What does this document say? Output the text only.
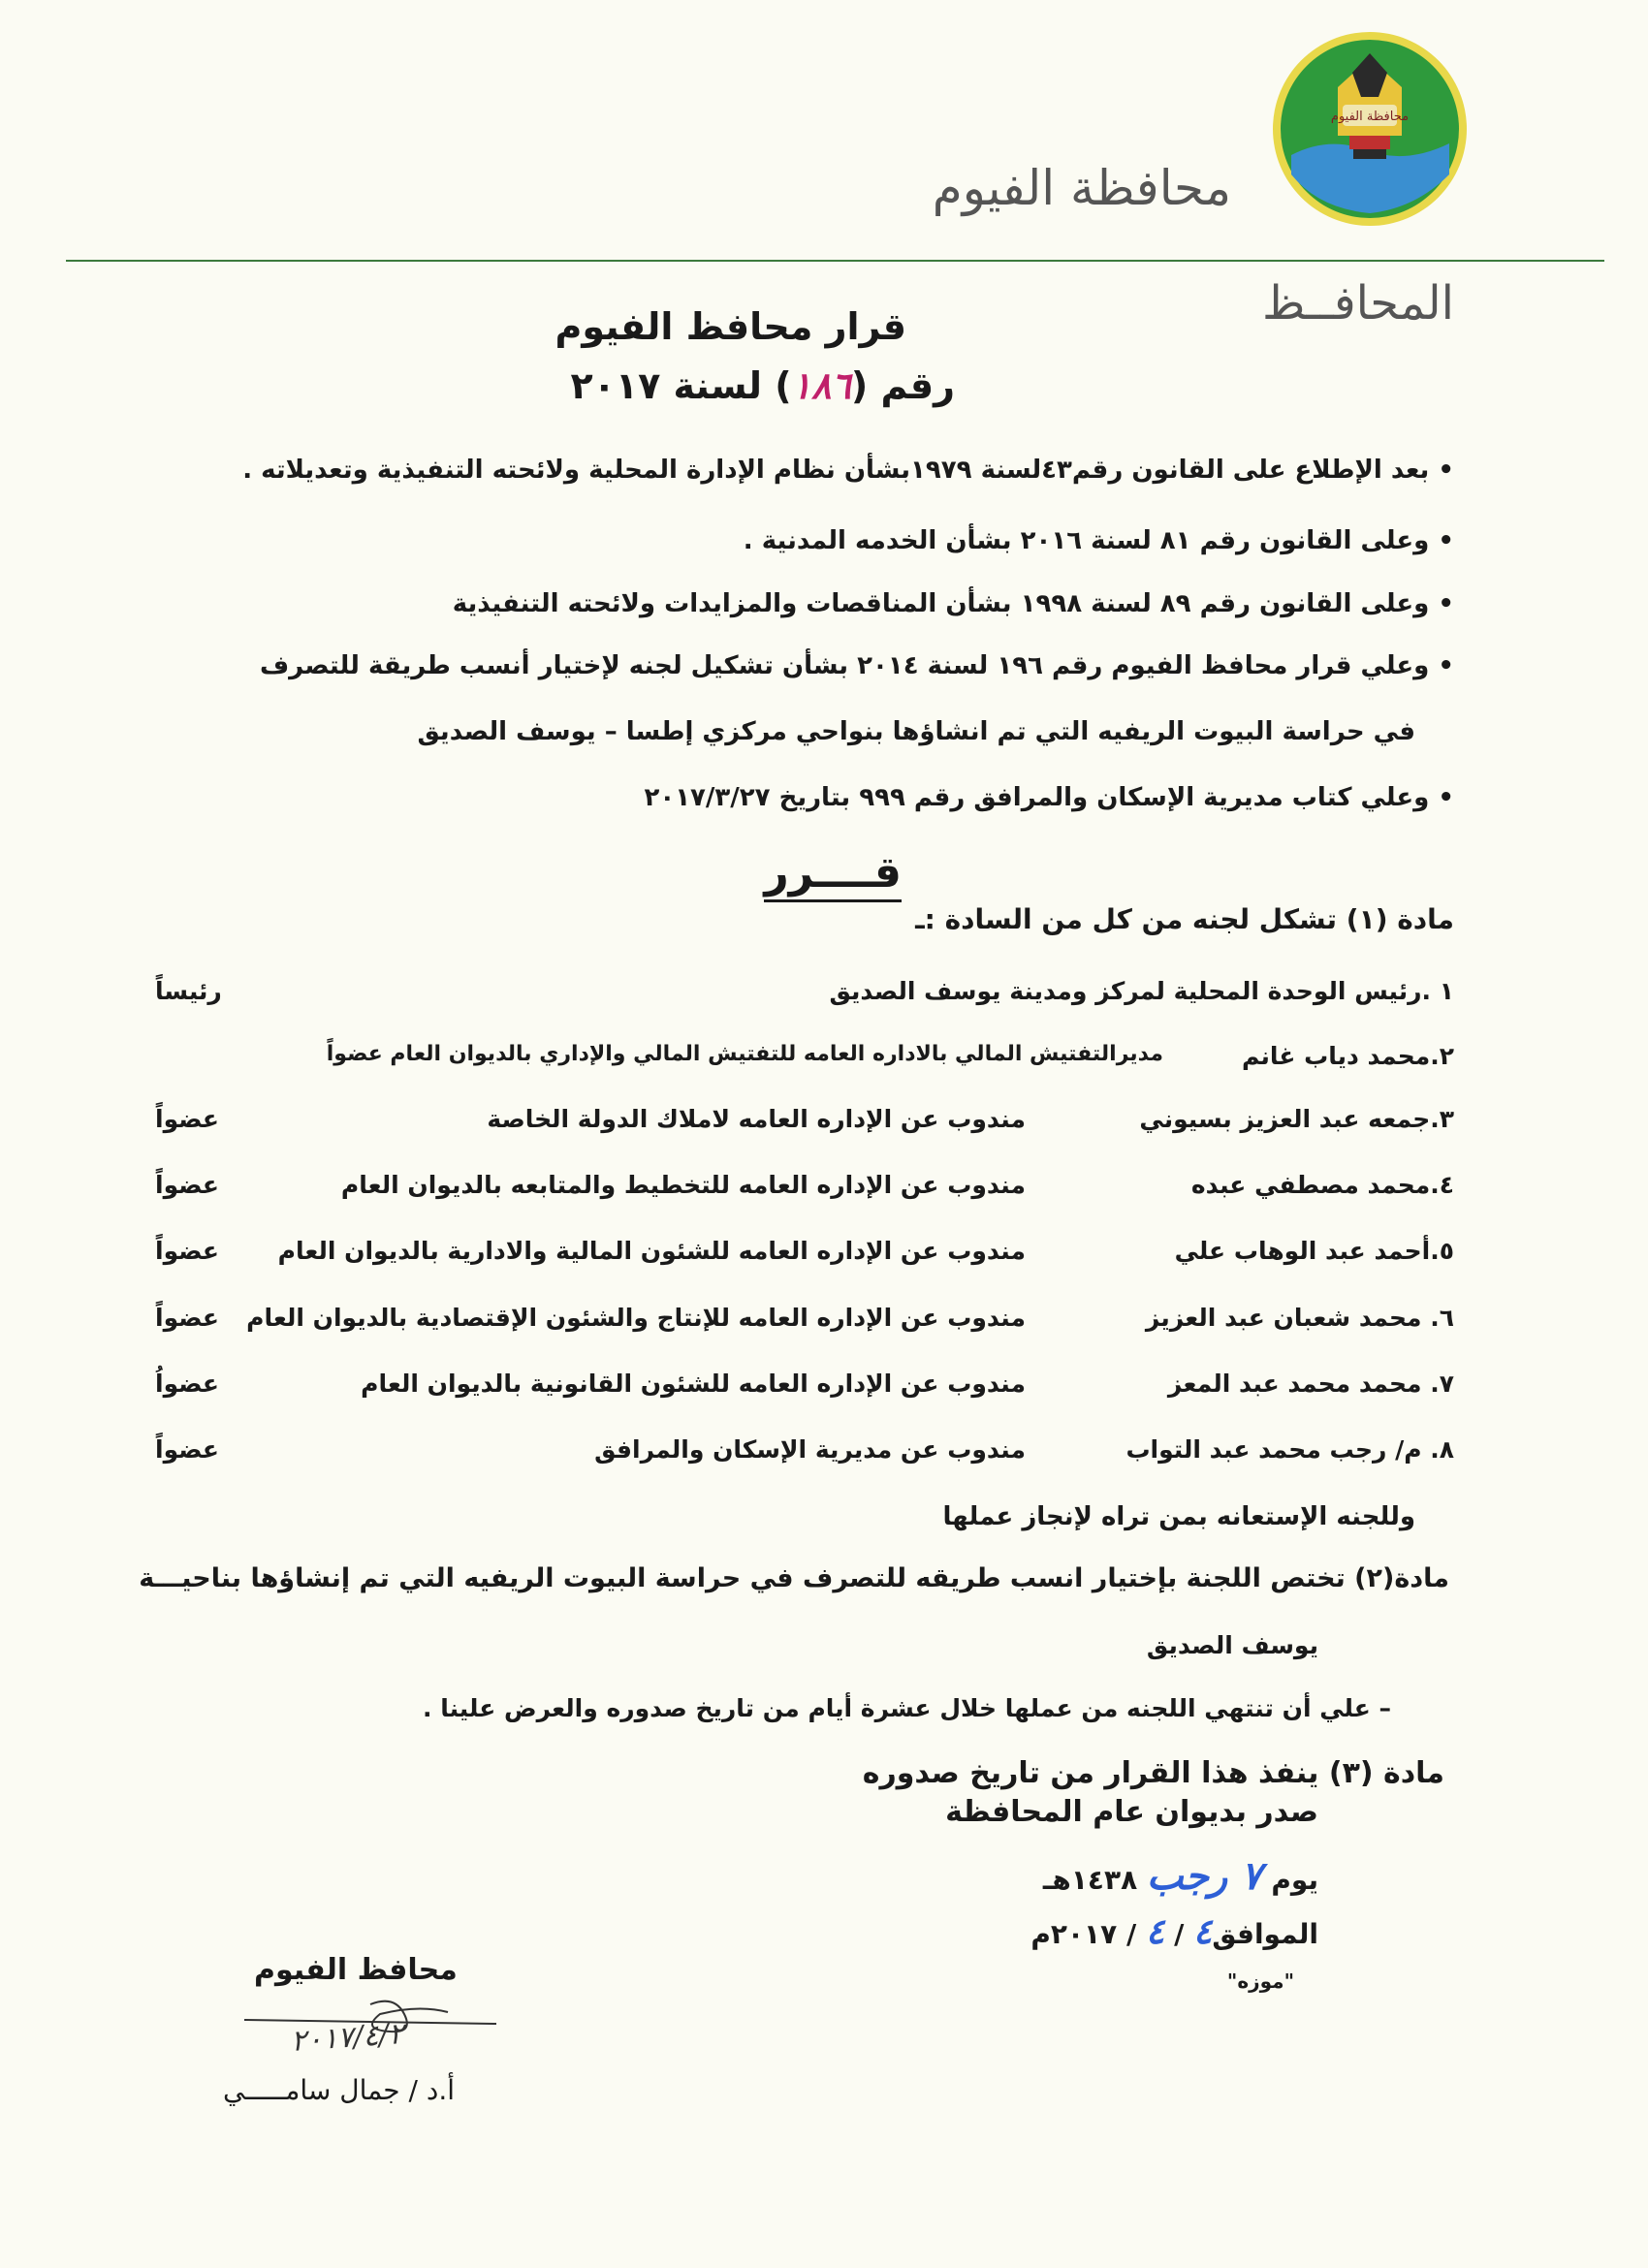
محافظة الفيوم
محافظة الفيوم
المحافــظ
قرار محافظ الفيوم
رقم (١٨٦) لسنة ٢٠١٧
• بعد الإطلاع على القانون رقم٤٣لسنة ١٩٧٩بشأن نظام الإدارة المحلية ولائحته التنفيذية وتعديلاته .
• وعلى القانون رقم ٨١ لسنة ٢٠١٦ بشأن الخدمه المدنية .
• وعلى القانون رقم ٨٩ لسنة ١٩٩٨ بشأن المناقصات والمزايدات ولائحته التنفيذية
• وعلي قرار محافظ الفيوم رقم ١٩٦ لسنة ٢٠١٤ بشأن تشكيل لجنه لإختيار أنسب طريقة للتصرف
في حراسة البيوت الريفيه التي تم انشاؤها بنواحي مركزي إطسا – يوسف الصديق
• وعلي كتاب مديرية الإسكان والمرافق رقم ٩٩٩ بتاريخ ٢٠١٧/٣/٢٧
قــــرر
مادة (١) تشكل لجنه من كل من السادة :ـ
١ .رئيس الوحدة المحلية لمركز ومدينة يوسف الصديق
رئيساً
٢.محمد دياب غانم
مديرالتفتيش المالي بالاداره العامه للتفتيش المالي والإداري بالديوان العام عضواً
٣.جمعه عبد العزيز بسيوني
مندوب عن الإداره العامه لاملاك الدولة الخاصة
عضواً
٤.محمد مصطفي عبده
مندوب عن الإداره العامه للتخطيط والمتابعه بالديوان العام
عضواً
٥.أحمد عبد الوهاب علي
مندوب عن الإداره العامه للشئون المالية والادارية بالديوان العام
عضواً
٦. محمد شعبان عبد العزيز
مندوب عن الإداره العامه للإنتاج والشئون الإقتصادية بالديوان العام
عضواً
٧. محمد محمد عبد المعز
مندوب عن الإداره العامه للشئون القانونية بالديوان العام
عضواُ
٨. م/ رجب محمد عبد التواب
مندوب عن مديرية الإسكان والمرافق
عضواً
وللجنه الإستعانه بمن تراه لإنجاز عملها
مادة(٢) تختص اللجنة بإختيار انسب طريقه للتصرف في حراسة البيوت الريفيه التي تم إنشاؤها بناحيـــة
يوسف الصديق
– علي أن تنتهي اللجنه من عملها خلال عشرة أيام من تاريخ صدوره والعرض علينا .
مادة (٣) ينفذ هذا القرار من تاريخ صدوره
صدر بديوان عام المحافظة
يوم ٧ رجب ١٤٣٨هـ
الموافق٤ / ٤ / ٢٠١٧م
"موزه"
محافظ الفيوم
٢٠١٧/٤/٢
أ.د / جمال سامـــــي
